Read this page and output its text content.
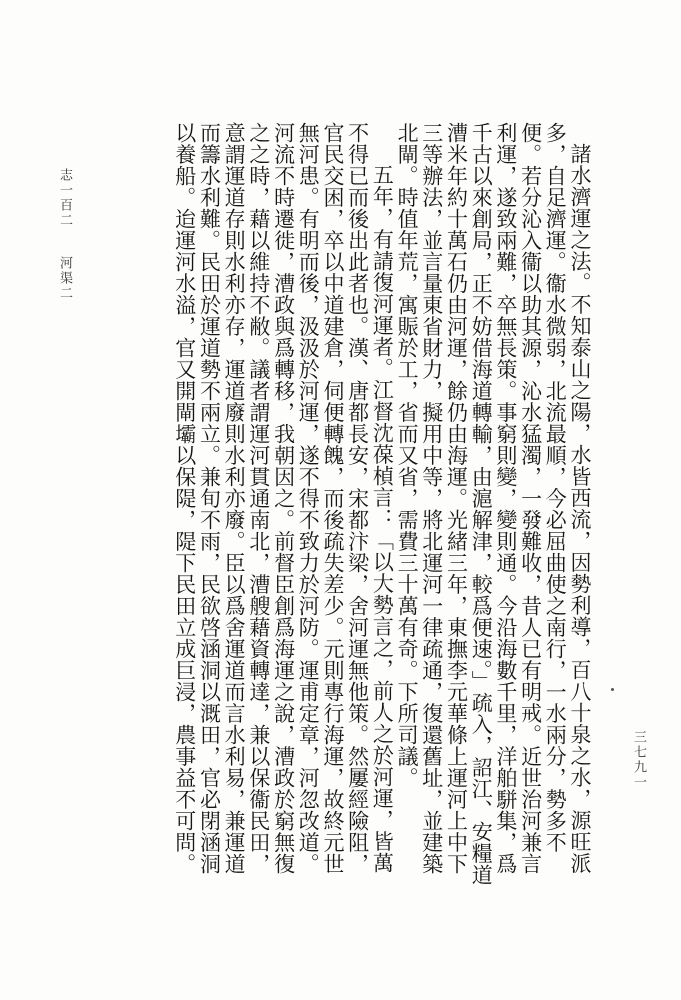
志一百二河渠二	諸水濟運之法。不知泰山之陽，水皆西流，因勢利導，百八十泉之水，源旺派多，自足濟運。衞水微弱，北流最順，今必屈曲使之南行，一水兩分，勢多不便。若分沁入衞以助其源，沁水猛濁，一發難收，昔人已有明戒。近世治河兼言利運，遂致兩難，卒無長策。事窮則變，變則通。今沿海數千里，洋舶駢集，爲千古以來創局，正不妨借海道轉輸，由滬解津，較爲便速。」疏入，詔江、安糧道漕米年約十萬石仍由河運，餘仍由海運。光緒三年，東撫李元華條上運河上中下三等辦法，並言量東省財力，擬用中等，將北運河一律疏通，復還舊址，並建築北閘。時值年荒，寓賑於工，省而又省，需費三十萬有奇。下所司議。

五年，有請復河運者。江督沈葆楨言：「以大勢言之，前人之於河運，皆萬不得已而後出此者也。漢、唐都長安，宋都汴梁，舍河運無他策。然屢經險阻，官民交困，卒以中道建倉，伺便轉餽，而後疏失差少。元則專行海運，故終元世無河患。有明而後，汲汲於河運，遂不得不致力於河防。運甫定章，河忽改道。河流不時遷徙，漕政與爲轉移，我朝因之。前督臣創爲海運之說，漕政於窮無復之之時，藉以維持不敝。議者謂運河貫通南北，漕艘藉資轉達，兼以保衞民田，意謂運道存則水利亦存，運道廢則水利亦廢。臣以爲舍運道而言水利易，兼運道而籌水利難。民田於運道勢不兩立。兼旬不雨，民欲啓涵洞以溉田，官必閉涵洞以養船。迨運河水溢，官又開閘壩以保隄，隄下民田立成巨浸，農事益不可問。	三七九一
